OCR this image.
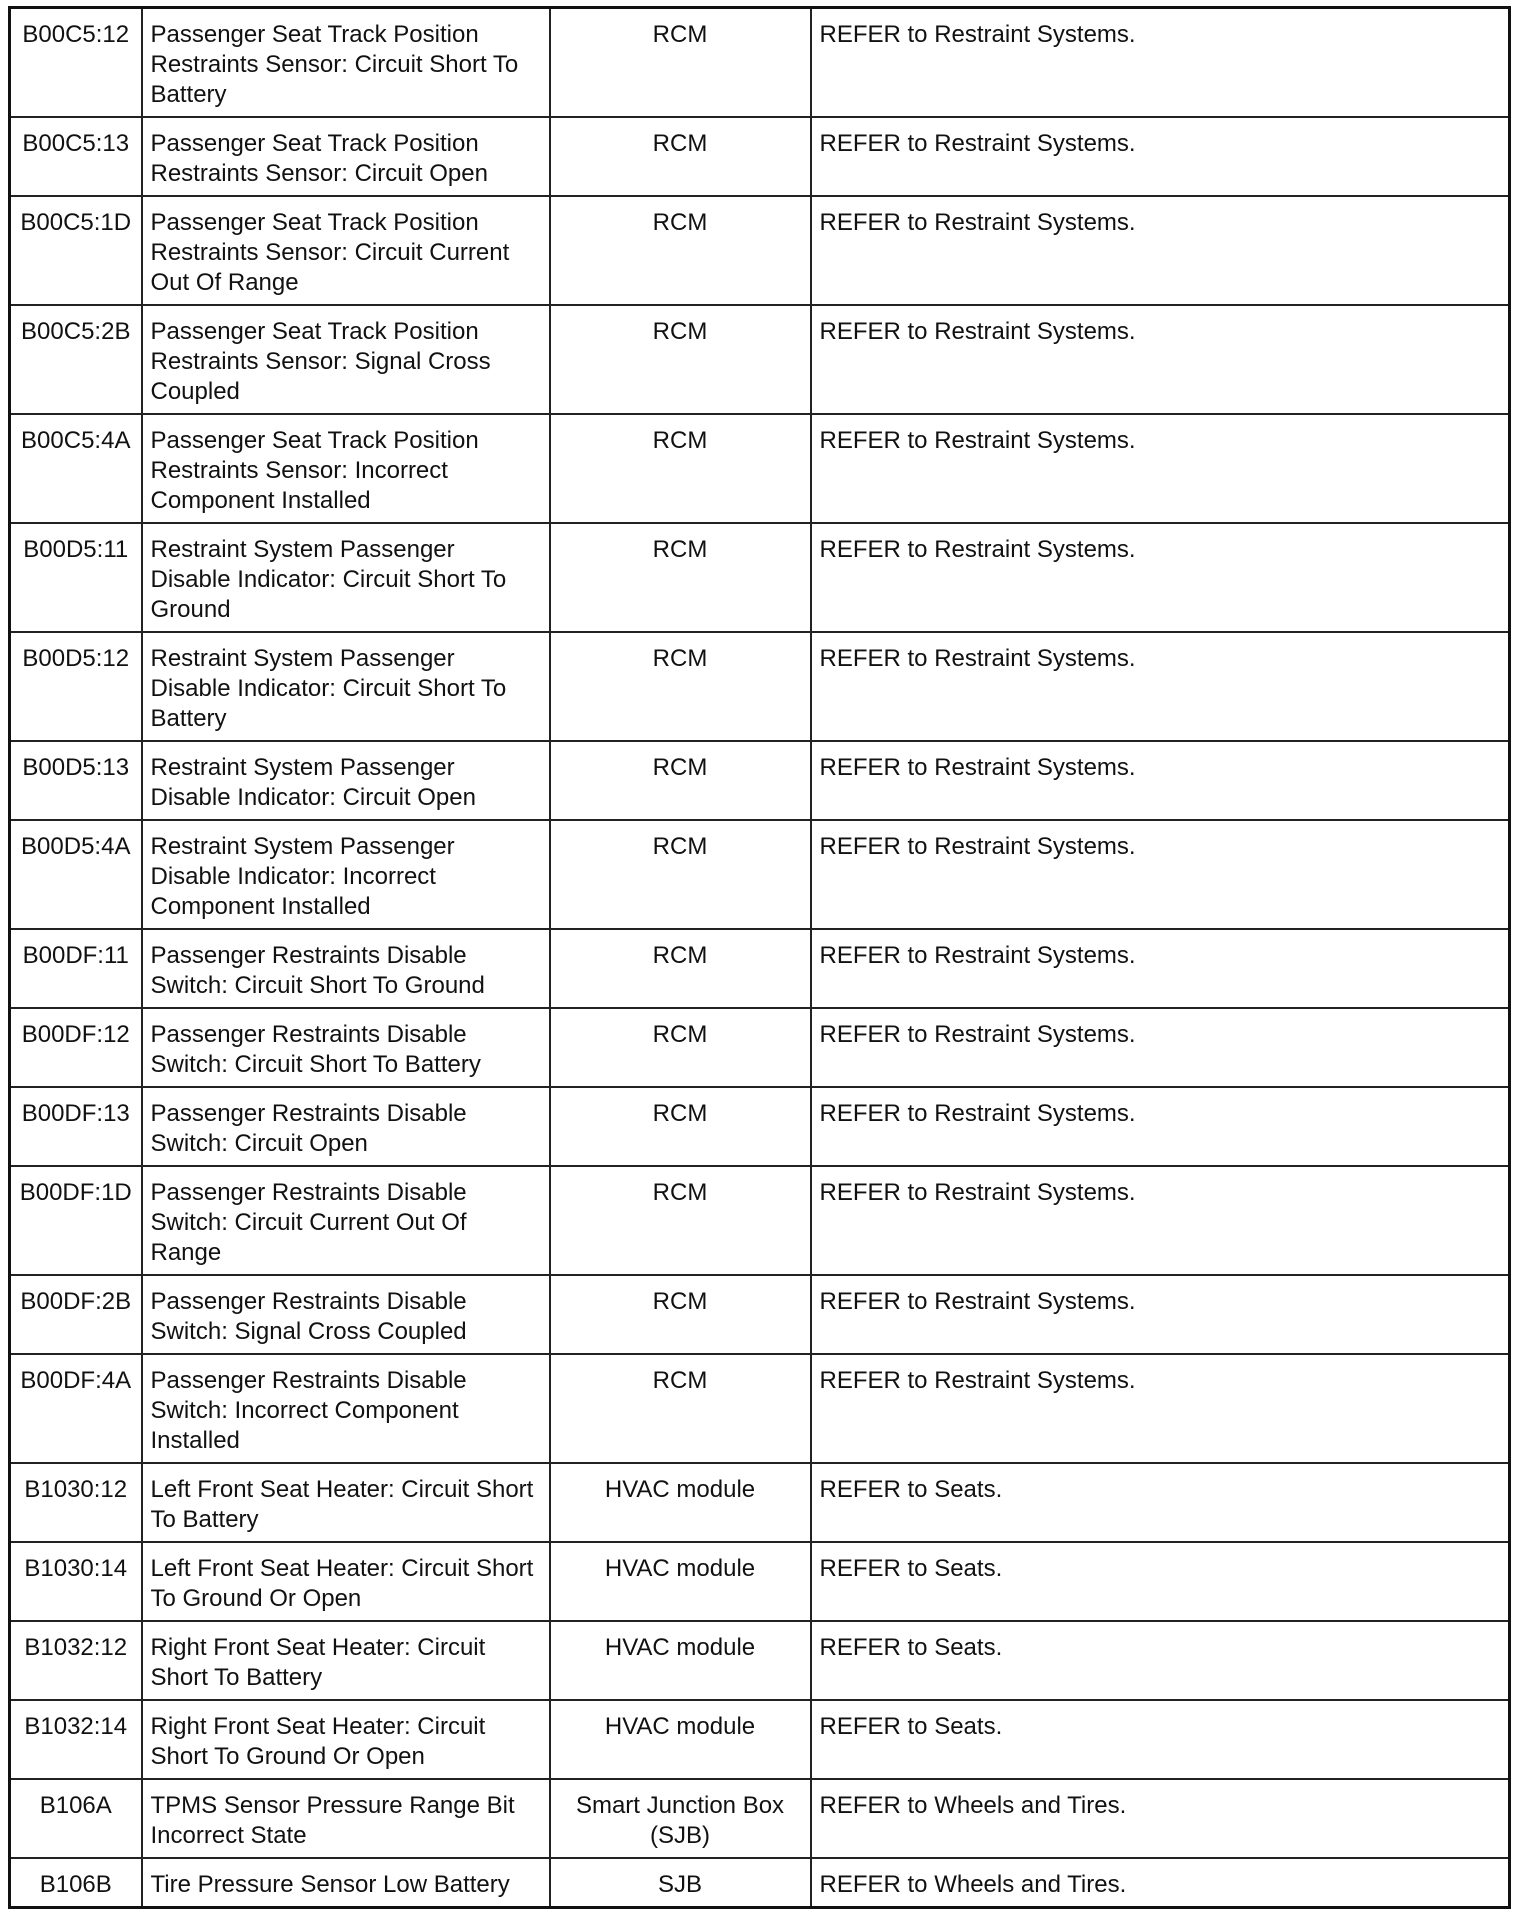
B00C5:12	Passenger Seat Track Position Restraints Sensor: Circuit Short To Battery	RCM	REFER to Restraint Systems.
B00C5:13	Passenger Seat Track Position Restraints Sensor: Circuit Open	RCM	REFER to Restraint Systems.
B00C5:1D	Passenger Seat Track Position Restraints Sensor: Circuit Current Out Of Range	RCM	REFER to Restraint Systems.
B00C5:2B	Passenger Seat Track Position Restraints Sensor: Signal Cross Coupled	RCM	REFER to Restraint Systems.
B00C5:4A	Passenger Seat Track Position Restraints Sensor: Incorrect Component Installed	RCM	REFER to Restraint Systems.
B00D5:11	Restraint System Passenger Disable Indicator: Circuit Short To Ground	RCM	REFER to Restraint Systems.
B00D5:12	Restraint System Passenger Disable Indicator: Circuit Short To Battery	RCM	REFER to Restraint Systems.
B00D5:13	Restraint System Passenger Disable Indicator: Circuit Open	RCM	REFER to Restraint Systems.
B00D5:4A	Restraint System Passenger Disable Indicator: Incorrect Component Installed	RCM	REFER to Restraint Systems.
B00DF:11	Passenger Restraints Disable Switch: Circuit Short To Ground	RCM	REFER to Restraint Systems.
B00DF:12	Passenger Restraints Disable Switch: Circuit Short To Battery	RCM	REFER to Restraint Systems.
B00DF:13	Passenger Restraints Disable Switch: Circuit Open	RCM	REFER to Restraint Systems.
B00DF:1D	Passenger Restraints Disable Switch: Circuit Current Out Of Range	RCM	REFER to Restraint Systems.
B00DF:2B	Passenger Restraints Disable Switch: Signal Cross Coupled	RCM	REFER to Restraint Systems.
B00DF:4A	Passenger Restraints Disable Switch: Incorrect Component Installed	RCM	REFER to Restraint Systems.
B1030:12	Left Front Seat Heater: Circuit Short To Battery	HVAC module	REFER to Seats.
B1030:14	Left Front Seat Heater: Circuit Short To Ground Or Open	HVAC module	REFER to Seats.
B1032:12	Right Front Seat Heater: Circuit Short To Battery	HVAC module	REFER to Seats.
B1032:14	Right Front Seat Heater: Circuit Short To Ground Or Open	HVAC module	REFER to Seats.
B106A	TPMS Sensor Pressure Range Bit Incorrect State	Smart Junction Box (SJB)	REFER to Wheels and Tires.
B106B	Tire Pressure Sensor Low Battery	SJB	REFER to Wheels and Tires.
